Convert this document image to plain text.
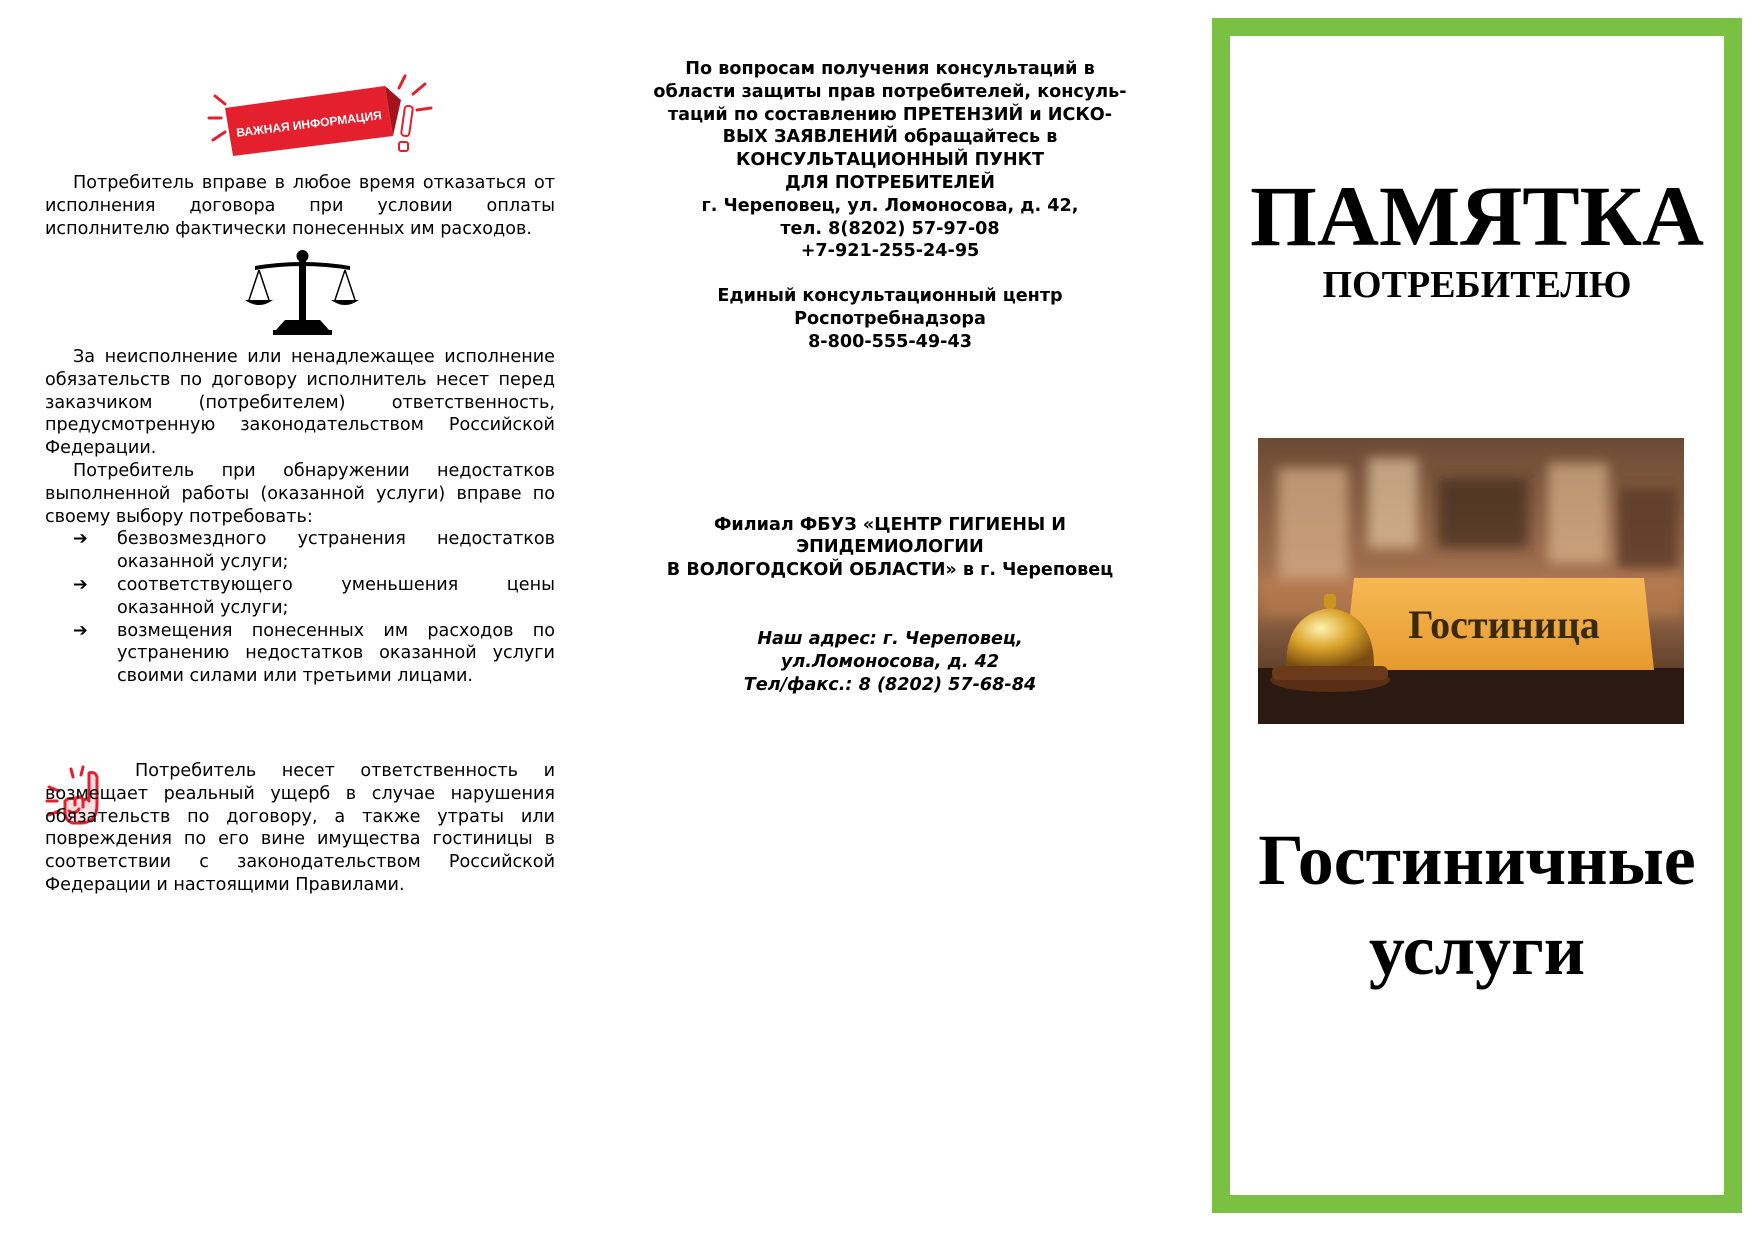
ВАЖНАЯ ИНФОРМАЦИЯ

Потребитель вправе в любое время отказаться от исполнения договора при условии оплаты исполнителю фактически понесенных им расходов.

За неисполнение или ненадлежащее исполнение обязательств по договору исполнитель несет перед заказчиком (потребителем) ответственность, предусмотренную законодательством Российской Федерации.

Потребитель при обнаружении недостатков выполненной работы (оказанной услуги) вправе по своему выбору потребовать:

➔	безвозмездного устранения недостатков оказанной услуги;
➔	соответствующего уменьшения цены оказанной услуги;
➔	возмещения понесенных им расходов по устранению недостатков оказанной услуги своими силами или третьими лицами.

Потребитель несет ответственность и возмещает реальный ущерб в случае нарушения обязательств по договору, а также утраты или повреждения по его вине имущества гостиницы в соответствии с законодательством Российской Федерации и настоящими Правилами.

По вопросам получения консультаций в

области защиты прав потребителей, консуль-

таций по составлению ПРЕТЕНЗИЙ и ИСКО-

ВЫХ ЗАЯВЛЕНИЙ обращайтесь в

КОНСУЛЬТАЦИОННЫЙ ПУНКТ

ДЛЯ ПОТРЕБИТЕЛЕЙ

г. Череповец, ул. Ломоносова, д. 42,

тел. 8(8202) 57-97-08

+7-921-255-24-95

Единый консультационный центр

Роспотребнадзора

8-800-555-49-43

Филиал ФБУЗ «ЦЕНТР ГИГИЕНЫ И

ЭПИДЕМИОЛОГИИ

В ВОЛОГОДСКОЙ ОБЛАСТИ» в г. Череповец

Наш адрес: г. Череповец,

ул.Ломоносова, д. 42

Тел/факс.: 8 (8202) 57-68-84

ПАМЯТКА
ПОТРЕБИТЕЛЮ
Гостиница
Гостиничные
услуги
